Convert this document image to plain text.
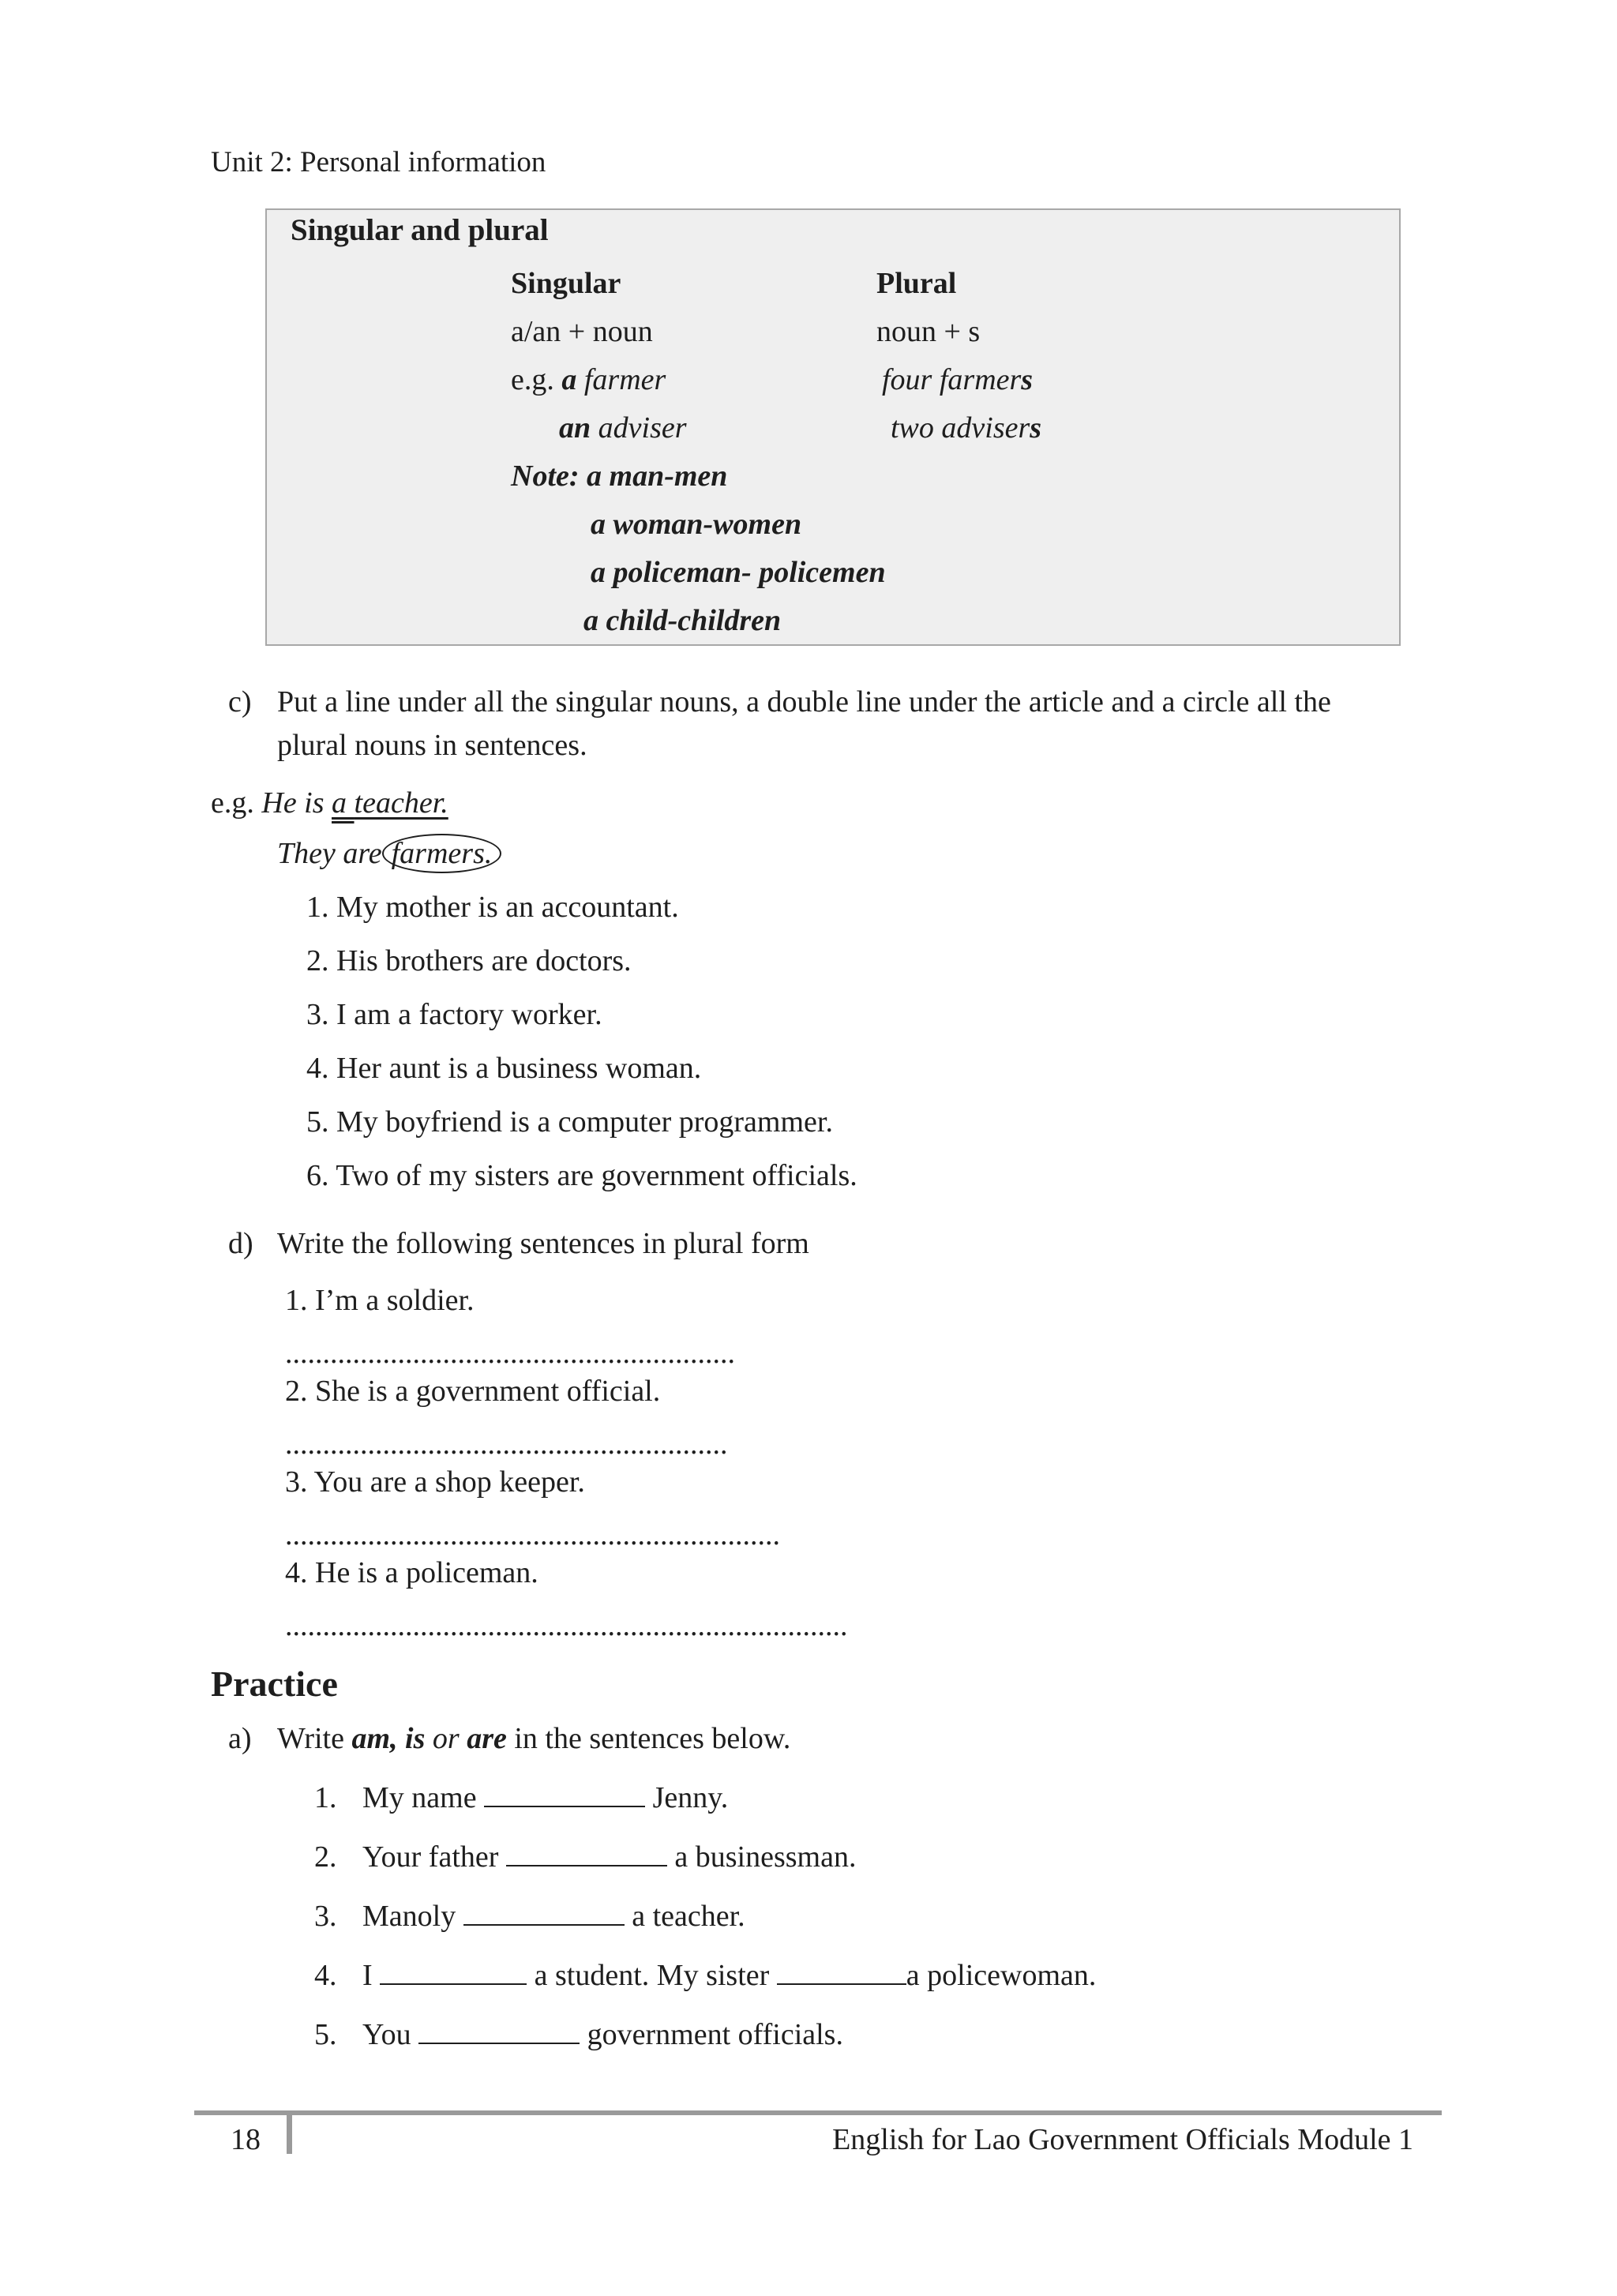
Unit 2: Personal information
Singular and plural
Singular	Plural
a/an + noun	noun + s
e.g. a farmer	four farmers
an adviser	two advisers
Note: a man-men
a woman-women
a policeman- policemen
a child-children
c) Put a line under all the singular nouns, a double line under the article and a circle all the
plural nouns in sentences.
e.g. He is a teacher.
They are farmers.
1. My mother is an accountant.
2. His brothers are doctors.
3. I am a factory worker.
4. Her aunt is a business woman.
5. My boyfriend is a computer programmer.
6. Two of my sisters are government officials.
d) Write the following sentences in plural form
1. I’m a soldier.
............................................................
2. She is a government official.
...........................................................
3. You are a shop keeper.
..................................................................
4. He is a policeman.
...........................................................................
Practice
a) Write am, is or are in the sentences below.
1. My name	Jenny.
2. Your father	a businessman.
3. Manoly	a teacher.
4. I	a student. My sister	a policewoman.
5. You	government officials.
18	English for Lao Government Officials Module 1
